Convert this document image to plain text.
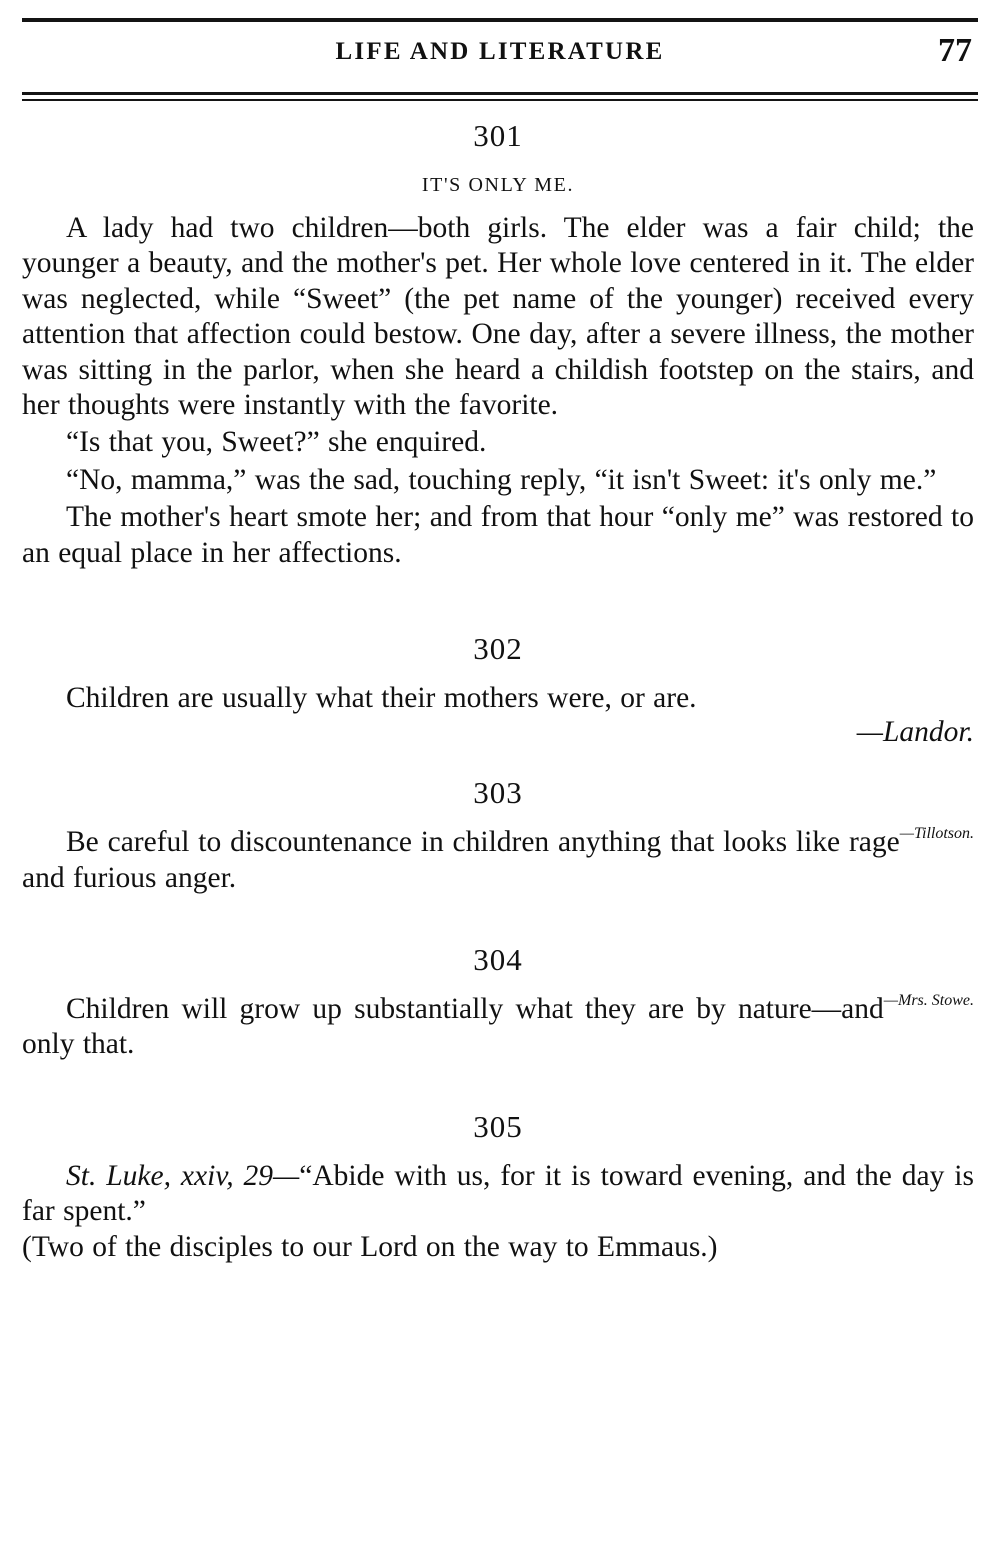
LIFE AND LITERATURE	77
301
IT'S ONLY ME.

A lady had two children—both girls. The elder was a fair child; the younger a beauty, and the mother's pet. Her whole love centered in it. The elder was neglected, while “Sweet” (the pet name of the younger) received every attention that affection could bestow. One day, after a severe illness, the mother was sitting in the parlor, when she heard a childish footstep on the stairs, and her thoughts were instantly with the favorite.

“Is that you, Sweet?” she enquired.

“No, mamma,” was the sad, touching reply, “it isn't Sweet: it's only me.”

The mother's heart smote her; and from that hour “only me” was restored to an equal place in her affections.

302

Children are usually what their mothers were, or are.

—Landor.

303
—Tillotson.

Be careful to discountenance in children anything that looks like rage and furious anger.

304
—Mrs. Stowe.

Children will grow up substantially what they are by nature—and only that.

305

St. Luke, xxiv, 29—“Abide with us, for it is toward evening, and the day is far spent.”

(Two of the disciples to our Lord on the way to Emmaus.)
